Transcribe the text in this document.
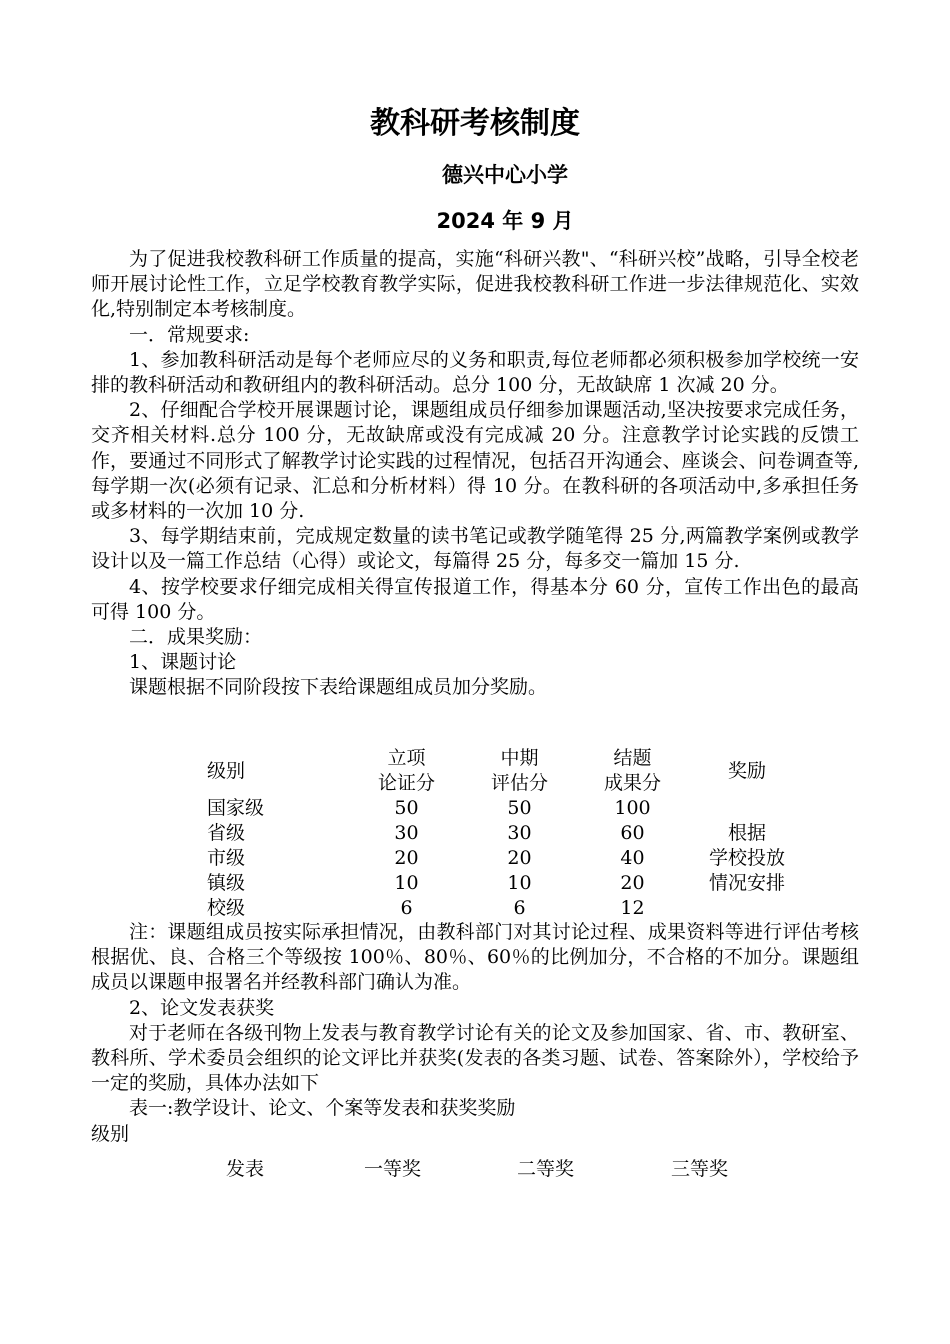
教科研考核制度
德兴中心小学
2024 年 9 月

为了促进我校教科研工作质量的提高，实施“科研兴教"、“科研兴校”战略，引导全校老师开展讨论性工作，立足学校教育教学实际，促进我校教科研工作进一步法律规范化、实效化,特别制定本考核制度。

一．常规要求:

1、参加教科研活动是每个老师应尽的义务和职责,每位老师都必须积极参加学校统一安排的教科研活动和教研组内的教科研活动。总分 100 分，无故缺席 1 次减 20 分。

2、仔细配合学校开展课题讨论，课题组成员仔细参加课题活动,坚决按要求完成任务，交齐相关材料.总分 100 分，无故缺席或没有完成减 20 分。注意教学讨论实践的反馈工作，要通过不同形式了解教学讨论实践的过程情况，包括召开沟通会、座谈会、问卷调查等,每学期一次(必须有记录、汇总和分析材料）得 10 分。在教科研的各项活动中,多承担任务或多材料的一次加 10 分.

3、每学期结束前，完成规定数量的读书笔记或教学随笔得 25 分,两篇教学案例或教学设计以及一篇工作总结（心得）或论文，每篇得 25 分，每多交一篇加 15 分.

4、按学校要求仔细完成相关得宣传报道工作，得基本分 60 分，宣传工作出色的最高可得 100 分。

二．成果奖励：

1、课题讨论

课题根据不同阶段按下表给课题组成员加分奖励。

级别	立项	中期	结题	奖励
	论证分	评估分	成果分	
国家级	50	50	100	
省级	30	30	60	根据
市级	20	20	40	学校投放
镇级	10	10	20	情况安排
校级	6	6	12	

注：课题组成员按实际承担情况，由教科部门对其讨论过程、成果资料等进行评估考核根据优、良、合格三个等级按 100％、80％、60％的比例加分，不合格的不加分。课题组成员以课题申报署名并经教科部门确认为准。

2、论文发表获奖

对于老师在各级刊物上发表与教育教学讨论有关的论文及参加国家、省、市、教研室、教科所、学术委员会组织的论文评比并获奖(发表的各类习题、试卷、答案除外），学校给予一定的奖励，具体办法如下

表一:教学设计、论文、个案等发表和获奖奖励

级别

发表	一等奖	二等奖	三等奖
